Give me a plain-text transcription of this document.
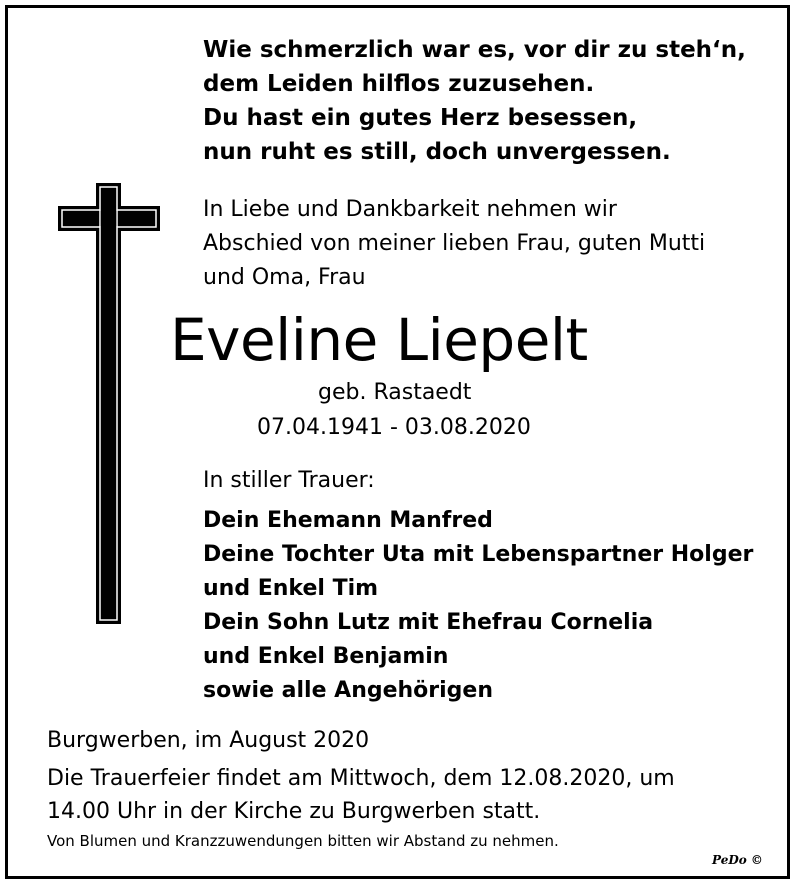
Wie schmerzlich war es, vor dir zu steh‘n,
dem Leiden hilflos zuzusehen.
Du hast ein gutes Herz besessen,
nun ruht es still, doch unvergessen.
In Liebe und Dankbarkeit nehmen wir
Abschied von meiner lieben Frau, guten Mutti
und Oma, Frau
Eveline Liepelt
geb. Rastaedt
07.04.1941 - 03.08.2020
In stiller Trauer:
Dein Ehemann Manfred
Deine Tochter Uta mit Lebenspartner Holger
und Enkel Tim
Dein Sohn Lutz mit Ehefrau Cornelia
und Enkel Benjamin
sowie alle Angehörigen
Burgwerben, im August 2020
Die Trauerfeier findet am Mittwoch, dem 12.08.2020, um
14.00 Uhr in der Kirche zu Burgwerben statt.
Von Blumen und Kranzzuwendungen bitten wir Abstand zu nehmen.
PeDo ©
